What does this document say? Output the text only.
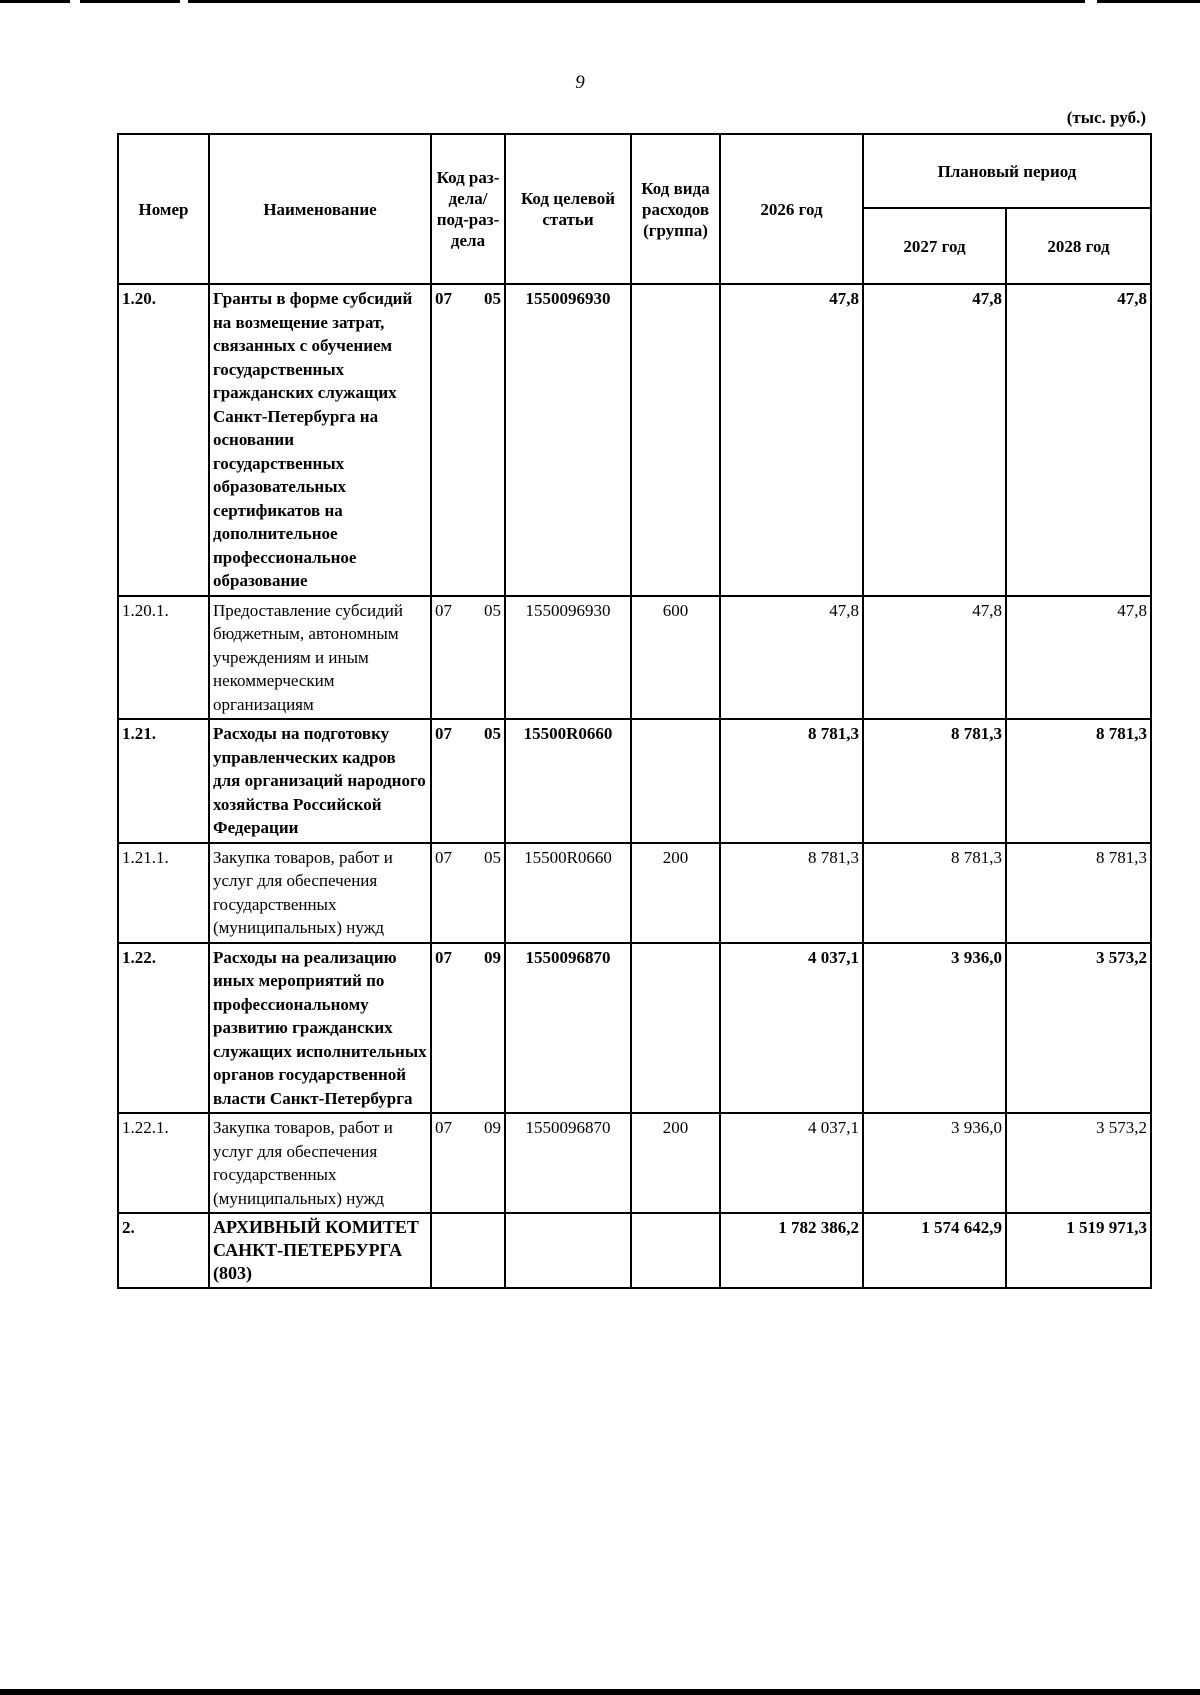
9
(тыс. руб.)
Номер	Наименование	Код раз-дела/ под-раз-дела	Код целевой статьи	Код вида расходов (группа)	2026 год	Плановый период	
						2027 год	2028 год
1.20.	Гранты в форме субсидий на возмещение затрат, связанных с обучением государственных гражданских служащих Санкт-Петербурга на основании государственных образовательных сертификатов на дополнительное профессиональное образование	07 05	1550096930		47,8	47,8	47,8
1.20.1.	Предоставление субсидий бюджетным, автономным учреждениям и иным некоммерческим организациям	07 05	1550096930	600	47,8	47,8	47,8
1.21.	Расходы на подготовку управленческих кадров для организаций народного хозяйства Российской Федерации	07 05	15500R0660		8 781,3	8 781,3	8 781,3
1.21.1.	Закупка товаров, работ и услуг для обеспечения государственных (муниципальных) нужд	07 05	15500R0660	200	8 781,3	8 781,3	8 781,3
1.22.	Расходы на реализацию иных мероприятий по профессиональному развитию гражданских служащих исполнительных органов государственной власти Санкт-Петербурга	07 09	1550096870		4 037,1	3 936,0	3 573,2
1.22.1.	Закупка товаров, работ и услуг для обеспечения государственных (муниципальных) нужд	07 09	1550096870	200	4 037,1	3 936,0	3 573,2
2.	АРХИВНЫЙ КОМИТЕТ САНКТ-ПЕТЕРБУРГА (803)				1 782 386,2	1 574 642,9	1 519 971,3
